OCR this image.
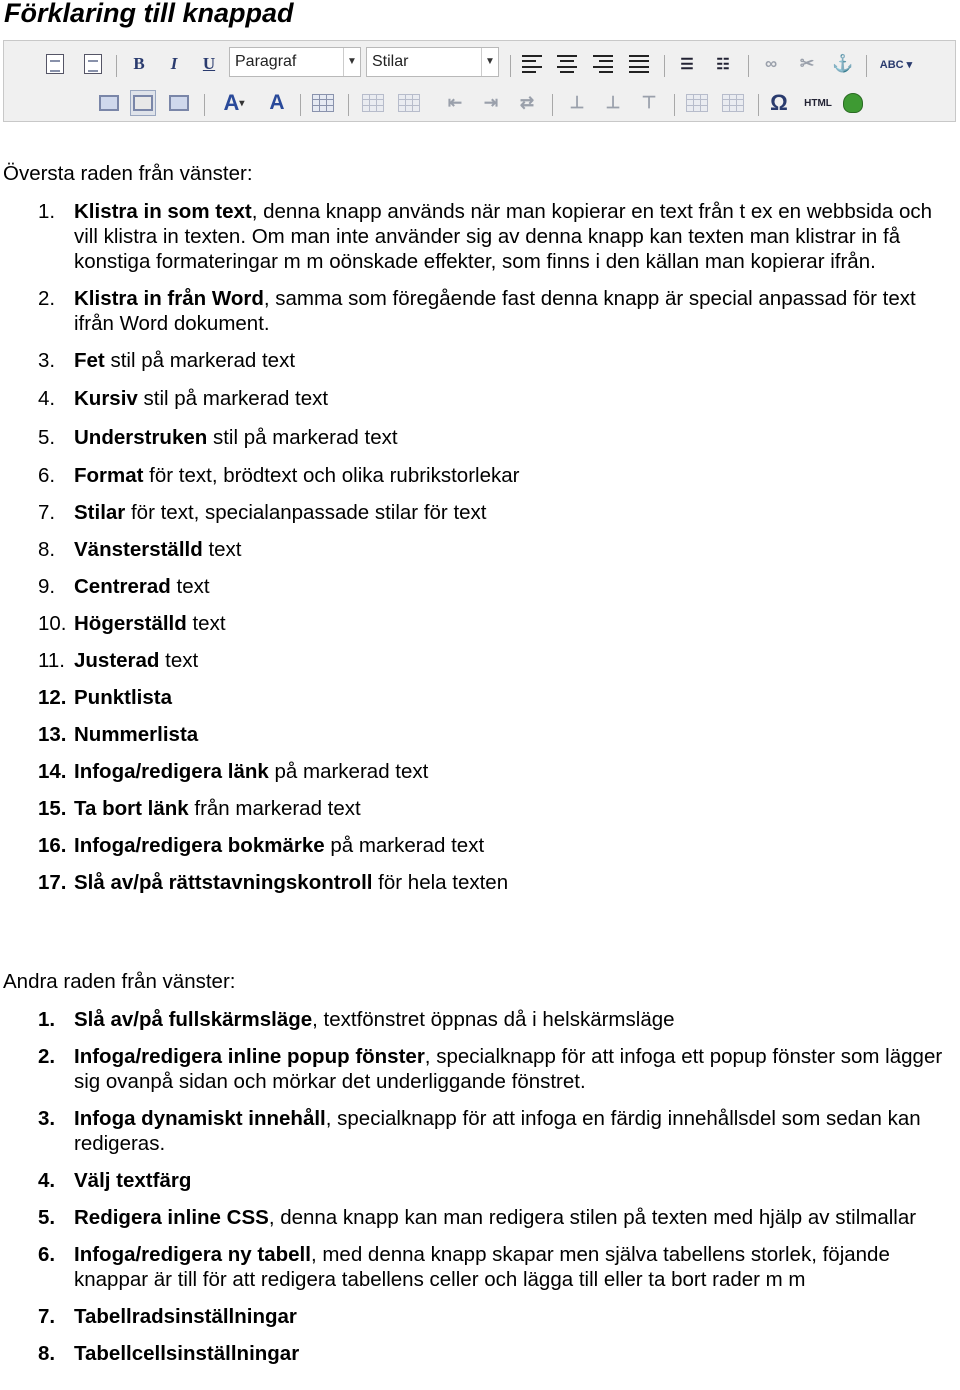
Förklaring till knappad
B	I	U	Paragraf	▼ Stilar	▼	☰	☷	∞	✂	⚓	ABC ▾
A ▾ A	⇤	⇥	⇄	⊥	⊥	⊤	Ω	HTML

Översta raden från vänster:

1. Klistra in som text, denna knapp används när man kopierar en text från t ex en webbsida och vill klistra in texten. Om man inte använder sig av denna knapp kan texten man klistrar in få konstiga formateringar m m oönskade effekter, som finns i den källan man kopierar ifrån.
2. Klistra in från Word, samma som föregående fast denna knapp är special anpassad för text ifrån Word dokument.
3. Fet stil på markerad text
4. Kursiv stil på markerad text
5. Understruken stil på markerad text
6. Format för text, brödtext och olika rubrikstorlekar
7. Stilar för text, specialanpassade stilar för text
8. Vänsterställd text
9. Centrerad text
10. Högerställd text
11. Justerad text
12. Punktlista
13. Nummerlista
14. Infoga/redigera länk på markerad text
15. Ta bort länk från markerad text
16. Infoga/redigera bokmärke på markerad text
17. Slå av/på rättstavningskontroll för hela texten

Andra raden från vänster:

1. Slå av/på fullskärmsläge, textfönstret öppnas då i helskärmsläge
2. Infoga/redigera inline popup fönster, specialknapp för att infoga ett popup fönster som lägger sig ovanpå sidan och mörkar det underliggande fönstret.
3. Infoga dynamiskt innehåll, specialknapp för att infoga en färdig innehållsdel som sedan kan redigeras.
4. Välj textfärg
5. Redigera inline CSS, denna knapp kan man redigera stilen på texten med hjälp av stilmallar
6. Infoga/redigera ny tabell, med denna knapp skapar men själva tabellens storlek, föjande knappar är till för att redigera tabellens celler och lägga till eller ta bort rader m m
7. Tabellradsinställningar
8. Tabellcellsinställningar
